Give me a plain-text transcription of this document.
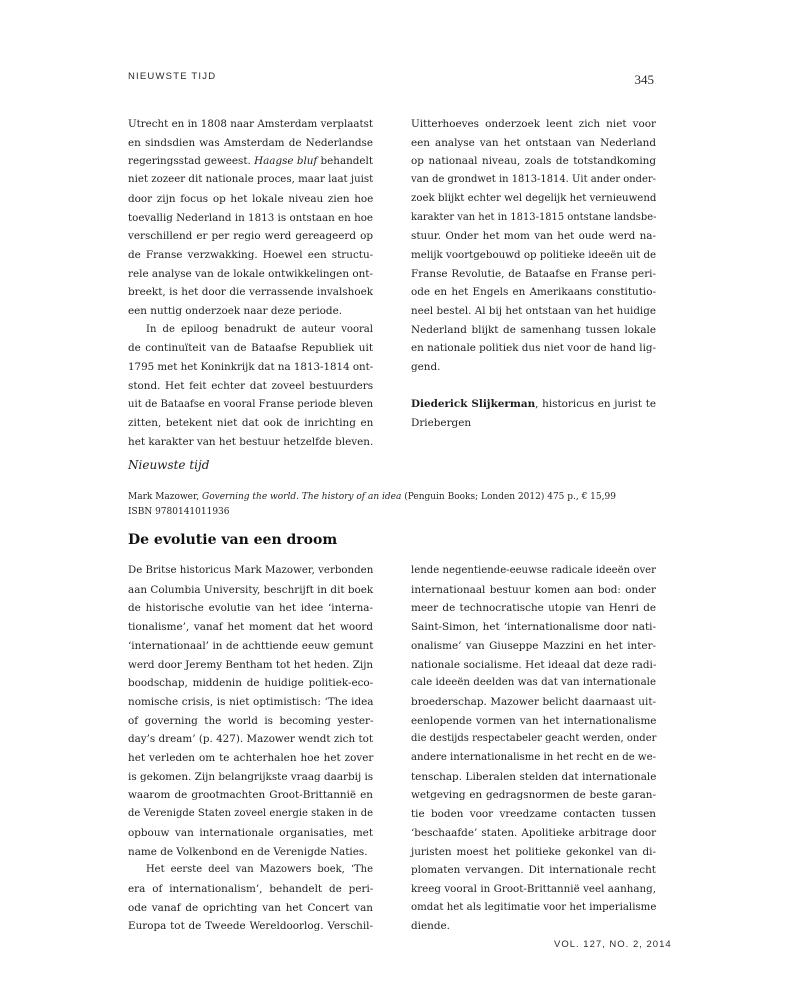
NIEUWSTE TIJD	345

Utrecht en in 1808 naar Amsterdam verplaatst
en sindsdien was Amsterdam de Nederlandse
regeringsstad geweest. Haagse bluf behandelt
niet zozeer dit nationale proces, maar laat juist
door zijn focus op het lokale niveau zien hoe
toevallig Nederland in 1813 is ontstaan en hoe
verschillend er per regio werd gereageerd op
de Franse verzwakking. Hoewel een structu-
rele analyse van de lokale ontwikkelingen ont-
breekt, is het door die verrassende invalshoek
een nuttig onderzoek naar deze periode.

In de epiloog benadrukt de auteur vooral
de continuïteit van de Bataafse Republiek uit
1795 met het Koninkrijk dat na 1813-1814 ont-
stond. Het feit echter dat zoveel bestuurders
uit de Bataafse en vooral Franse periode bleven
zitten, betekent niet dat ook de inrichting en
het karakter van het bestuur hetzelfde bleven.

Uitterhoeves onderzoek leent zich niet voor
een analyse van het ontstaan van Nederland
op nationaal niveau, zoals de totstandkoming
van de grondwet in 1813-1814. Uit ander onder-
zoek blijkt echter wel degelijk het vernieuwend
karakter van het in 1813-1815 ontstane landsbe-
stuur. Onder het mom van het oude werd na-
melijk voortgebouwd op politieke ideeën uit de
Franse Revolutie, de Bataafse en Franse peri-
ode en het Engels en Amerikaans constitutio-
neel bestel. Al bij het ontstaan van het huidige
Nederland blijkt de samenhang tussen lokale
en nationale politiek dus niet voor de hand lig-
gend.

Diederick Slijkerman, historicus en jurist te
Driebergen

Nieuwste tijd
Mark Mazower, Governing the world. The history of an idea (Penguin Books; Londen 2012) 475 p., € 15,99
ISBN 9780141011936
De evolutie van een droom

De Britse historicus Mark Mazower, verbonden
aan Columbia University, beschrijft in dit boek
de historische evolutie van het idee ‘interna-
tionalisme’, vanaf het moment dat het woord
‘internationaal’ in de achttiende eeuw gemunt
werd door Jeremy Bentham tot het heden. Zijn
boodschap, middenin de huidige politiek-eco-
nomische crisis, is niet optimistisch: ‘The idea
of governing the world is becoming yester-
day’s dream’ (p. 427). Mazower wendt zich tot
het verleden om te achterhalen hoe het zover
is gekomen. Zijn belangrijkste vraag daarbij is
waarom de grootmachten Groot-Brittannië en
de Verenigde Staten zoveel energie staken in de
opbouw van internationale organisaties, met
name de Volkenbond en de Verenigde Naties.

Het eerste deel van Mazowers boek, ‘The
era of internationalism’, behandelt de peri-
ode vanaf de oprichting van het Concert van
Europa tot de Tweede Wereldoorlog. Verschil-

lende negentiende-eeuwse radicale ideeën over
internationaal bestuur komen aan bod: onder
meer de technocratische utopie van Henri de
Saint-Simon, het ‘internationalisme door nati-
onalisme’ van Giuseppe Mazzini en het inter-
nationale socialisme. Het ideaal dat deze radi-
cale ideeën deelden was dat van internationale
broederschap. Mazower belicht daarnaast uit-
eenlopende vormen van het internationalisme
die destijds respectabeler geacht werden, onder
andere internationalisme in het recht en de we-
tenschap. Liberalen stelden dat internationale
wetgeving en gedragsnormen de beste garan-
tie boden voor vreedzame contacten tussen
‘beschaafde’ staten. Apolitieke arbitrage door
juristen moest het politieke gekonkel van di-
plomaten vervangen. Dit internationale recht
kreeg vooral in Groot-Brittannië veel aanhang,
omdat het als legitimatie voor het imperialisme
diende.

VOL. 127, NO. 2, 2014
